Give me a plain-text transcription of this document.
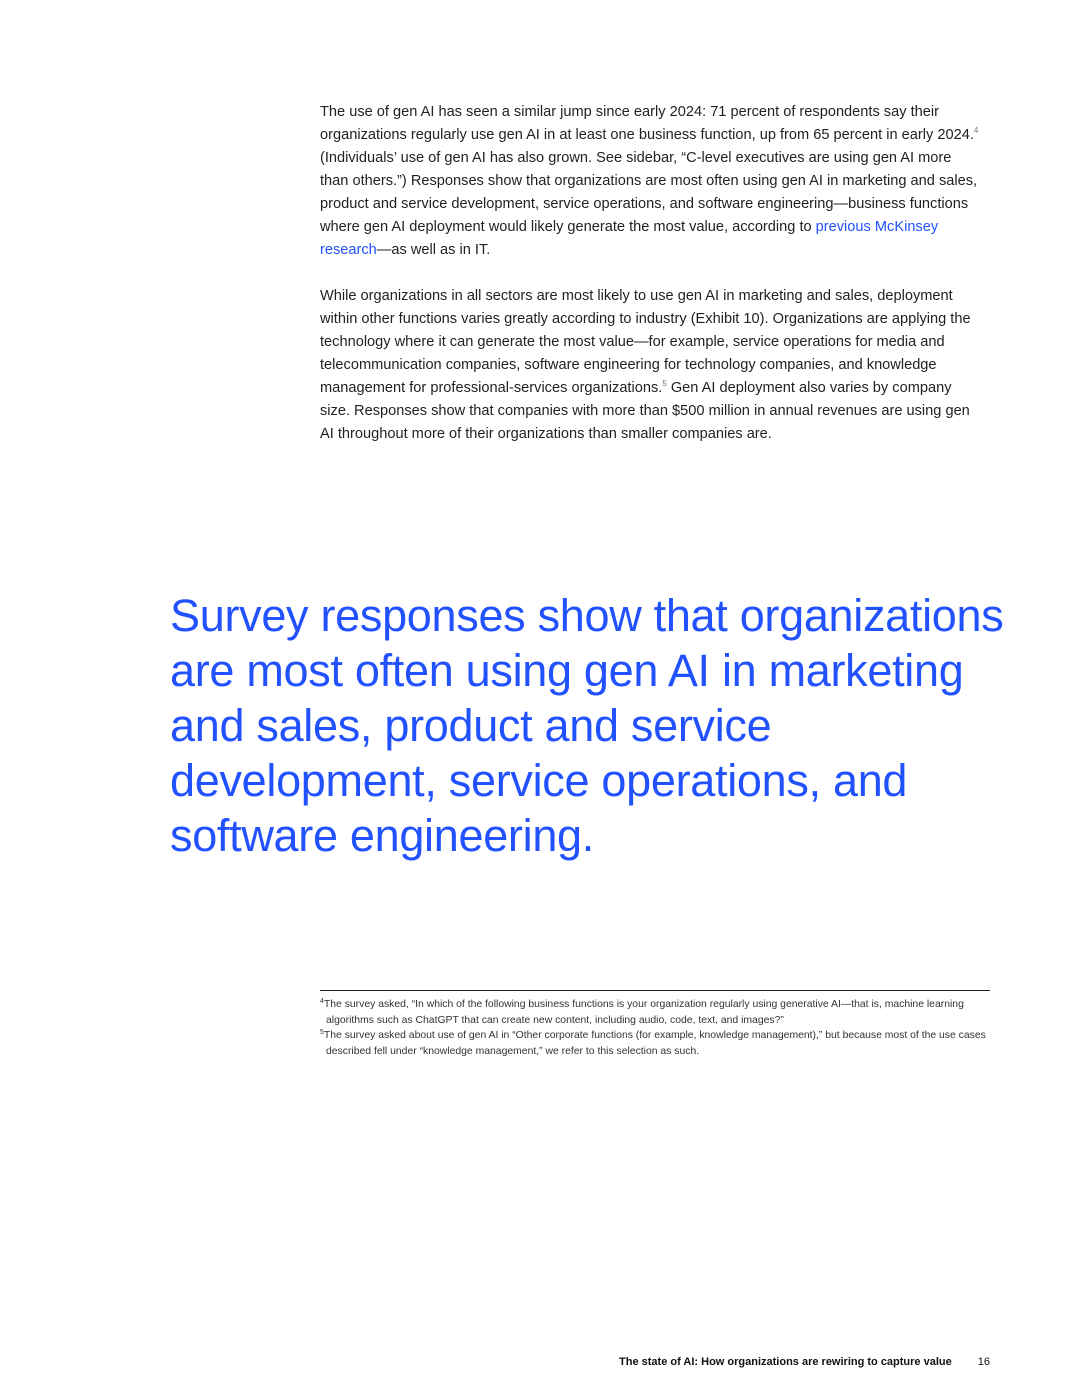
The use of gen AI has seen a similar jump since early 2024: 71 percent of respondents say their organizations regularly use gen AI in at least one business function, up from 65 percent in early 2024.$^4$ (Individuals’ use of gen AI has also grown. See sidebar, “C-level executives are using gen AI more than others.”) Responses show that organizations are most often using gen AI in marketing and sales, product and service development, service operations, and software engineering—business functions where gen AI deployment would likely generate the most value, according to previous McKinsey research—as well as in IT.

While organizations in all sectors are most likely to use gen AI in marketing and sales, deployment within other functions varies greatly according to industry (Exhibit 10). Organizations are applying the technology where it can generate the most value—for example, service operations for media and telecommunication companies, software engineering for technology companies, and knowledge management for professional-services organizations.$^5$ Gen AI deployment also varies by company size. Responses show that companies with more than $500 million in annual revenues are using gen AI throughout more of their organizations than smaller companies are.

Survey responses show that organizations are most often using gen AI in marketing and sales, product and service development, service operations, and software engineering.

$^4$The survey asked, “In which of the following business functions is your organization regularly using generative AI—that is, machine learning algorithms such as ChatGPT that can create new content, including audio, code, text, and images?”

$^5$The survey asked about use of gen AI in “Other corporate functions (for example, knowledge management),” but because most of the use cases described fell under “knowledge management,” we refer to this selection as such.

The state of AI: How organizations are rewiring to capture value 16
